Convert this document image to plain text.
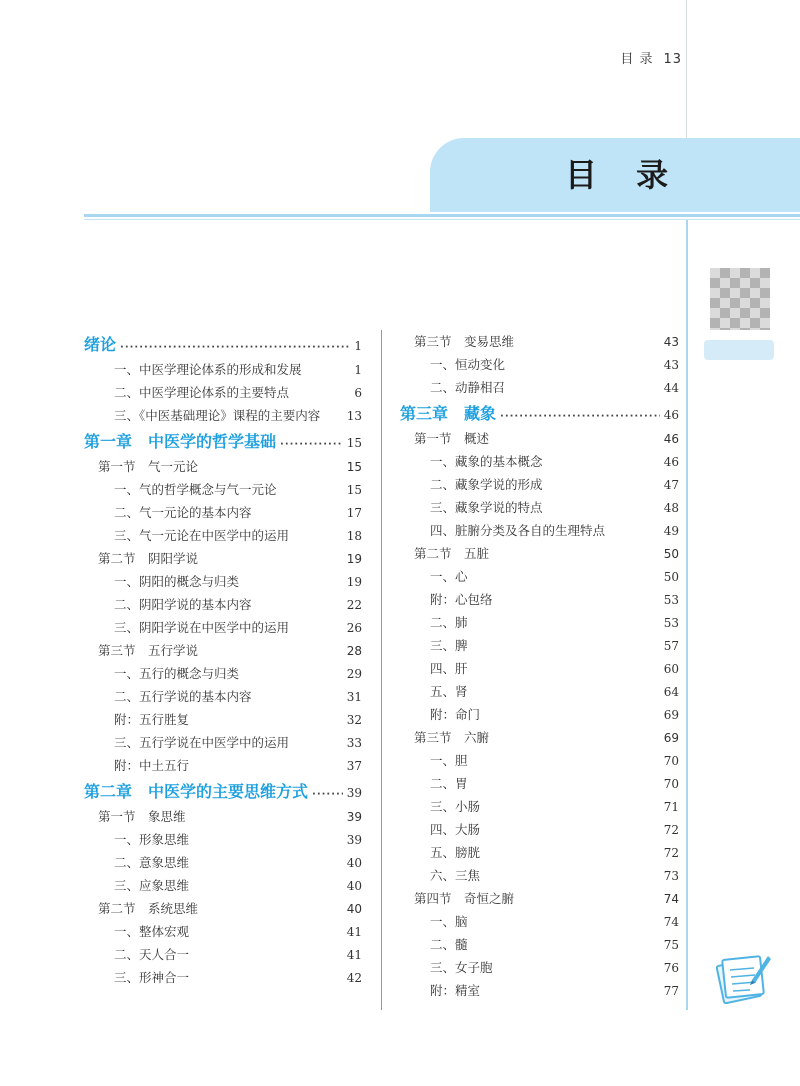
目 录 13
目 录
绪论 ·····	1
一、中医学理论体系的形成和发展	1
二、中医学理论体系的主要特点	6
三、《中医基础理论》课程的主要内容 13
第一章　中医学的哲学基础 ·····	15
第一节　气一元论	15
一、气的哲学概念与气一元论	15
二、气一元论的基本内容	17
三、气一元论在中医学中的运用	18
第二节　阴阳学说	19
一、阴阳的概念与归类	19
二、阴阳学说的基本内容	22
三、阴阳学说在中医学中的运用	26
第三节　五行学说	28
一、五行的概念与归类	29
二、五行学说的基本内容	31
附：五行胜复	32
三、五行学说在中医学中的运用	33
附：中土五行	37
第二章　中医学的主要思维方式 ·····	39
第一节　象思维	39
一、形象思维	39
二、意象思维	40
三、应象思维	40
第二节　系统思维	40
一、整体宏观	41
二、天人合一	41
三、形神合一	42
第三节　变易思维	43
一、恒动变化	43
二、动静相召	44
第三章　藏象 ·····	46
第一节　概述	46
一、藏象的基本概念	46
二、藏象学说的形成	47
三、藏象学说的特点	48
四、脏腑分类及各自的生理特点	49
第二节　五脏	50
一、心	50
附：心包络	53
二、肺	53
三、脾	57
四、肝	60
五、肾	64
附：命门	69
第三节　六腑	69
一、胆	70
二、胃	70
三、小肠	71
四、大肠	72
五、膀胱	72
六、三焦	73
第四节　奇恒之腑	74
一、脑	74
二、髓	75
三、女子胞	76
附：精室	77
